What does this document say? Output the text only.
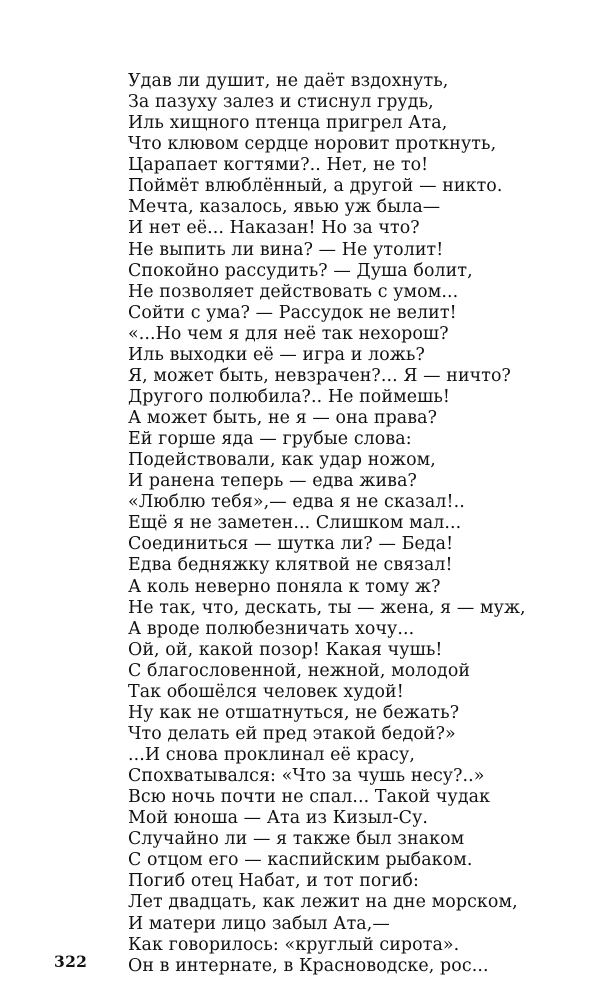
Удав ли душит, не даёт вздохнуть,
За пазуху залез и стиснул грудь,
Иль хищного птенца пригрел Ата,
Что клювом сердце норовит проткнуть,
Царапает когтями?.. Нет, не то!
Поймёт влюблённый, а другой — никто.
Мечта, казалось, явью уж была—
И нет её... Наказан! Но за что?
Не выпить ли вина? — Не утолит!
Спокойно рассудить? — Душа болит,
Не позволяет действовать с умом...
Сойти с ума? — Рассудок не велит!
«...Но чем я для неё так нехорош?
Иль выходки её — игра и ложь?
Я, может быть, невзрачен?... Я — ничто?
Другого полюбила?.. Не поймешь!
А может быть, не я — она права?
Ей горше яда — грубые слова:
Подействовали, как удар ножом,
И ранена теперь — едва жива?
«Люблю тебя»,— едва я не сказал!..
Ещё я не заметен... Слишком мал...
Соединиться — шутка ли? — Беда!
Едва бедняжку клятвой не связал!
А коль неверно поняла к тому ж?
Не так, что, дескать, ты — жена, я — муж,
А вроде полюбезничать хочу...
Ой, ой, какой позор! Какая чушь!
С благословенной, нежной, молодой
Так обошёлся человек худой!
Ну как не отшатнуться, не бежать?
Что делать ей пред этакой бедой?»
...И снова проклинал её красу,
Спохватывался: «Что за чушь несу?..»
Всю ночь почти не спал... Такой чудак
Мой юноша — Ата из Кизыл-Су.
Случайно ли — я также был знаком
С отцом его — каспийским рыбаком.
Погиб отец Набат, и тот погиб:
Лет двадцать, как лежит на дне морском,
И матери лицо забыл Ата,—
Как говорилось: «круглый сирота».
Он в интернате, в Красноводске, рос...
322
